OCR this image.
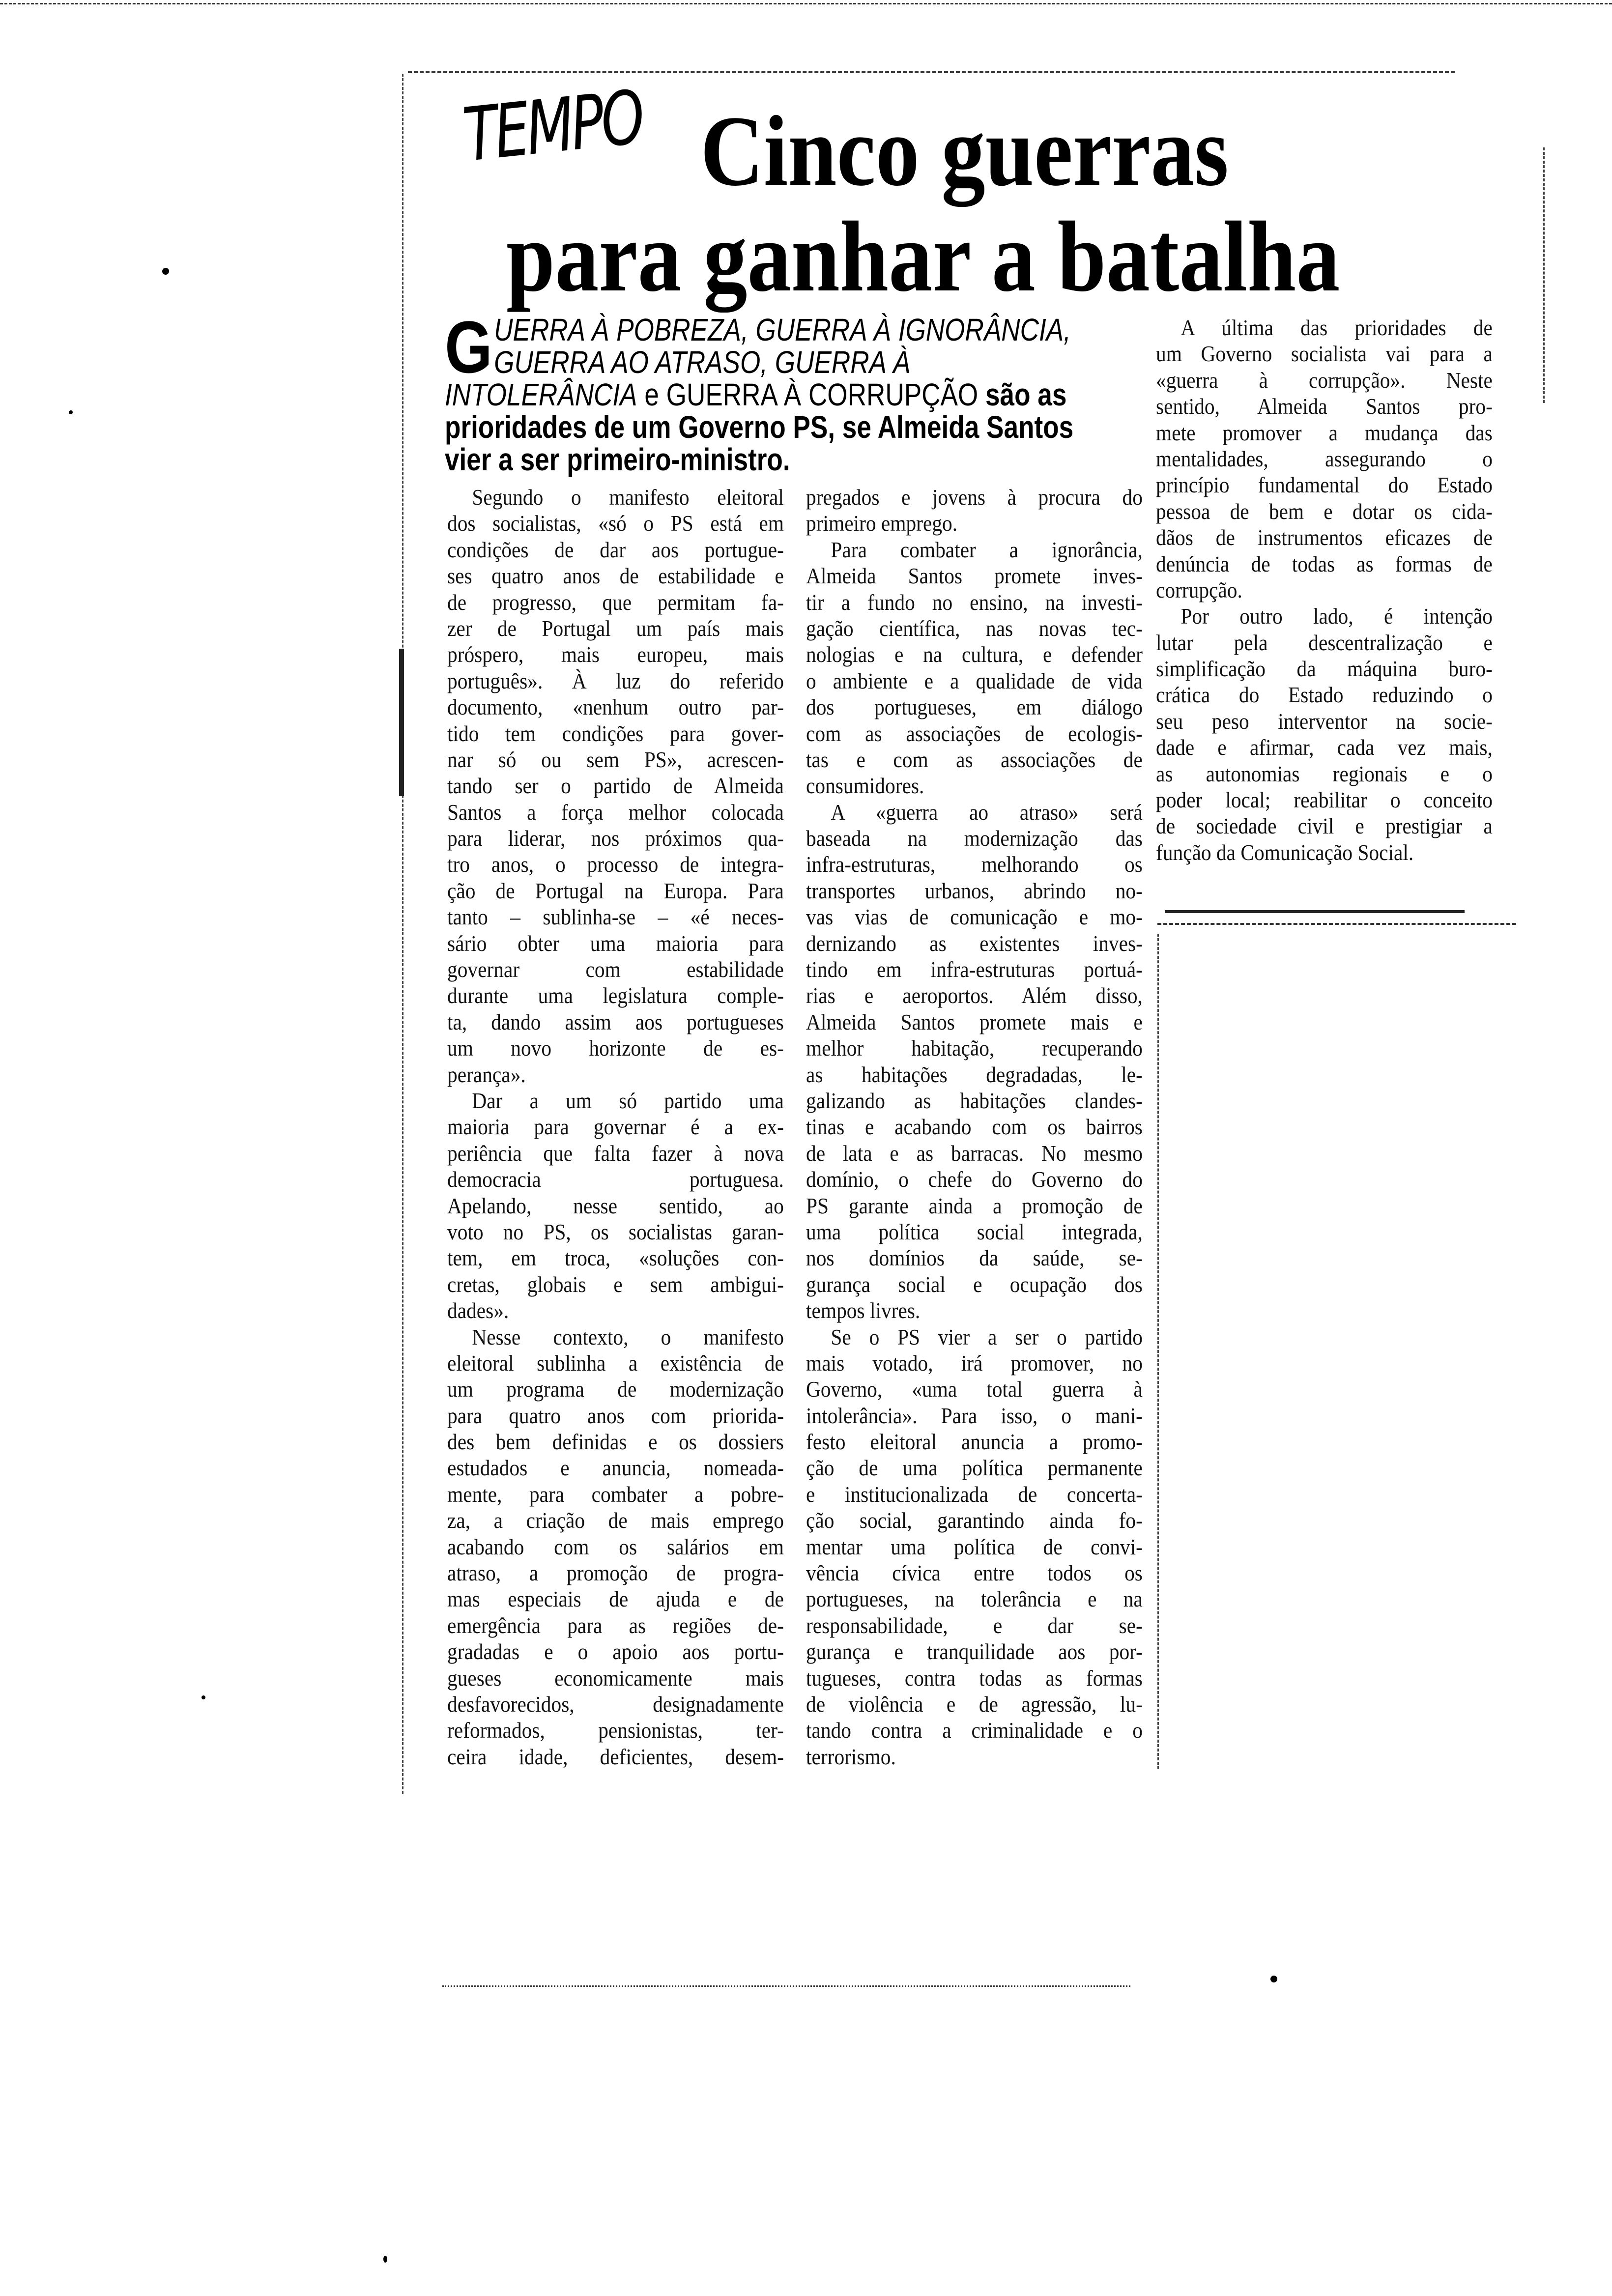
TEMPO Cinco guerras
para ganhar a batalha
G UERRA À POBREZA, GUERRA À IGNORÂNCIA,
GUERRA AO ATRASO, GUERRA À
INTOLERÂNCIA e GUERRA À CORRUPÇÃO são as
prioridades de um Governo PS, se Almeida Santos
vier a ser primeiro-ministro.
Segundo o manifesto eleitoral
dos socialistas, «só o PS está em
condições de dar aos portugue-
ses quatro anos de estabilidade e
de progresso, que permitam fa-
zer de Portugal um país mais
próspero, mais europeu, mais
português». À luz do referido
documento, «nenhum outro par-
tido tem condições para gover-
nar só ou sem PS», acrescen-
tando ser o partido de Almeida
Santos a força melhor colocada
para liderar, nos próximos qua-
tro anos, o processo de integra-
ção de Portugal na Europa. Para
tanto – sublinha-se – «é neces-
sário obter uma maioria para
governar com estabilidade
durante uma legislatura comple-
ta, dando assim aos portugueses
um novo horizonte de es-
perança».
Dar a um só partido uma
maioria para governar é a ex-
periência que falta fazer à nova
democracia portuguesa.
Apelando, nesse sentido, ao
voto no PS, os socialistas garan-
tem, em troca, «soluções con-
cretas, globais e sem ambigui-
dades».
Nesse contexto, o manifesto
eleitoral sublinha a existência de
um programa de modernização
para quatro anos com priorida-
des bem definidas e os dossiers
estudados e anuncia, nomeada-
mente, para combater a pobre-
za, a criação de mais emprego
acabando com os salários em
atraso, a promoção de progra-
mas especiais de ajuda e de
emergência para as regiões de-
gradadas e o apoio aos portu-
gueses economicamente mais
desfavorecidos, designadamente
reformados, pensionistas, ter-
ceira idade, deficientes, desem-
pregados e jovens à procura do
primeiro emprego.
Para combater a ignorância,
Almeida Santos promete inves-
tir a fundo no ensino, na investi-
gação científica, nas novas tec-
nologias e na cultura, e defender
o ambiente e a qualidade de vida
dos portugueses, em diálogo
com as associações de ecologis-
tas e com as associações de
consumidores.
A «guerra ao atraso» será
baseada na modernização das
infra-estruturas, melhorando os
transportes urbanos, abrindo no-
vas vias de comunicação e mo-
dernizando as existentes inves-
tindo em infra-estruturas portuá-
rias e aeroportos. Além disso,
Almeida Santos promete mais e
melhor habitação, recuperando
as habitações degradadas, le-
galizando as habitações clandes-
tinas e acabando com os bairros
de lata e as barracas. No mesmo
domínio, o chefe do Governo do
PS garante ainda a promoção de
uma política social integrada,
nos domínios da saúde, se-
gurança social e ocupação dos
tempos livres.
Se o PS vier a ser o partido
mais votado, irá promover, no
Governo, «uma total guerra à
intolerância». Para isso, o mani-
festo eleitoral anuncia a promo-
ção de uma política permanente
e institucionalizada de concerta-
ção social, garantindo ainda fo-
mentar uma política de convi-
vência cívica entre todos os
portugueses, na tolerância e na
responsabilidade, e dar se-
gurança e tranquilidade aos por-
tugueses, contra todas as formas
de violência e de agressão, lu-
tando contra a criminalidade e o
terrorismo.
A última das prioridades de
um Governo socialista vai para a
«guerra à corrupção». Neste
sentido, Almeida Santos pro-
mete promover a mudança das
mentalidades, assegurando o
princípio fundamental do Estado
pessoa de bem e dotar os cida-
dãos de instrumentos eficazes de
denúncia de todas as formas de
corrupção.
Por outro lado, é intenção
lutar pela descentralização e
simplificação da máquina buro-
crática do Estado reduzindo o
seu peso interventor na socie-
dade e afirmar, cada vez mais,
as autonomias regionais e o
poder local; reabilitar o conceito
de sociedade civil e prestigiar a
função da Comunicação Social.
